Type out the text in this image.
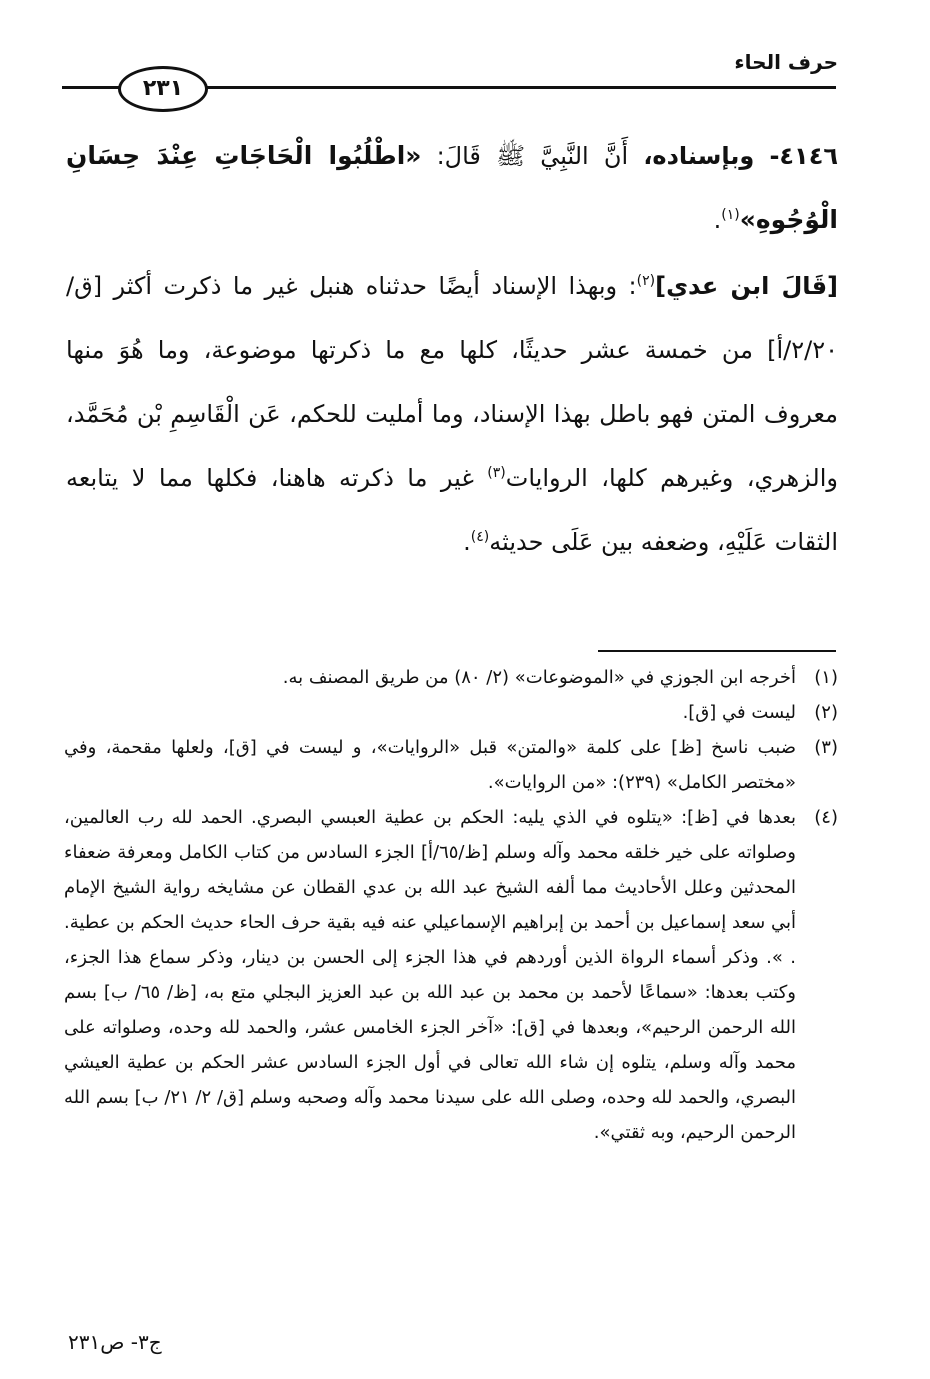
حرف الحاء
٢٣١

٤١٤٦- وبإسناده، أَنَّ النَّبِيَّ ﷺ قَالَ: «اطْلُبُوا الْحَاجَاتِ عِنْدَ حِسَانِ الْوُجُوهِ»$^{(١)}$.

[قَالَ ابن عدي]$^{(٢)}$: وبهذا الإسناد أيضًا حدثناه هنبل غير ما ذكرت أكثر [ق/٢/٢٠/أ] من خمسة عشر حديثًا، كلها مع ما ذكرتها موضوعة، وما هُوَ منها معروف المتن فهو باطل بهذا الإسناد، وما أمليت للحكم، عَن الْقَاسِمِ بْن مُحَمَّد، والزهري، وغيرهم كلها، الروايات$^{(٣)}$ غير ما ذكرته هاهنا، فكلها مما لا يتابعه الثقات عَلَيْهِ، وضعفه بين عَلَى حديثه$^{(٤)}$.

(١)
أخرجه ابن الجوزي في «الموضوعات» (٢/ ٨٠) من طريق المصنف به.
(٢)
ليست في [ق].
(٣)
ضبب ناسخ [ظ] على كلمة «والمتن» قبل «الروايات»، و ليست في [ق]، ولعلها مقحمة، وفي «مختصر الكامل» (٢٣٩): «من الروايات».
(٤)
بعدها في [ظ]: «يتلوه في الذي يليه: الحكم بن عطية العبسي البصري. الحمد لله رب العالمين، وصلواته على خير خلقه محمد وآله وسلم [ظ/٦٥/أ] الجزء السادس من كتاب الكامل ومعرفة ضعفاء المحدثين وعلل الأحاديث مما ألفه الشيخ عبد الله بن عدي القطان عن مشايخه رواية الشيخ الإمام أبي سعد إسماعيل بن أحمد بن إبراهيم الإسماعيلي عنه فيه بقية حرف الحاء حديث الحكم بن عطية. . ». وذكر أسماء الرواة الذين أوردهم في هذا الجزء إلى الحسن بن دينار، وذكر سماع هذا الجزء، وكتب بعدها: «سماعًا لأحمد بن محمد بن عبد الله بن عبد العزيز البجلي متع به، [ظ/ ٦٥/ ب] بسم الله الرحمن الرحيم»، وبعدها في [ق]: «آخر الجزء الخامس عشر، والحمد لله وحده، وصلواته على محمد وآله وسلم، يتلوه إن شاء الله تعالى في أول الجزء السادس عشر الحكم بن عطية العيشي البصري، والحمد لله وحده، وصلى الله على سيدنا محمد وآله وصحبه وسلم [ق/ ٢/ ٢١/ ب] بسم الله الرحمن الرحيم، وبه ثقتي».
ج٣- ص٢٣١
